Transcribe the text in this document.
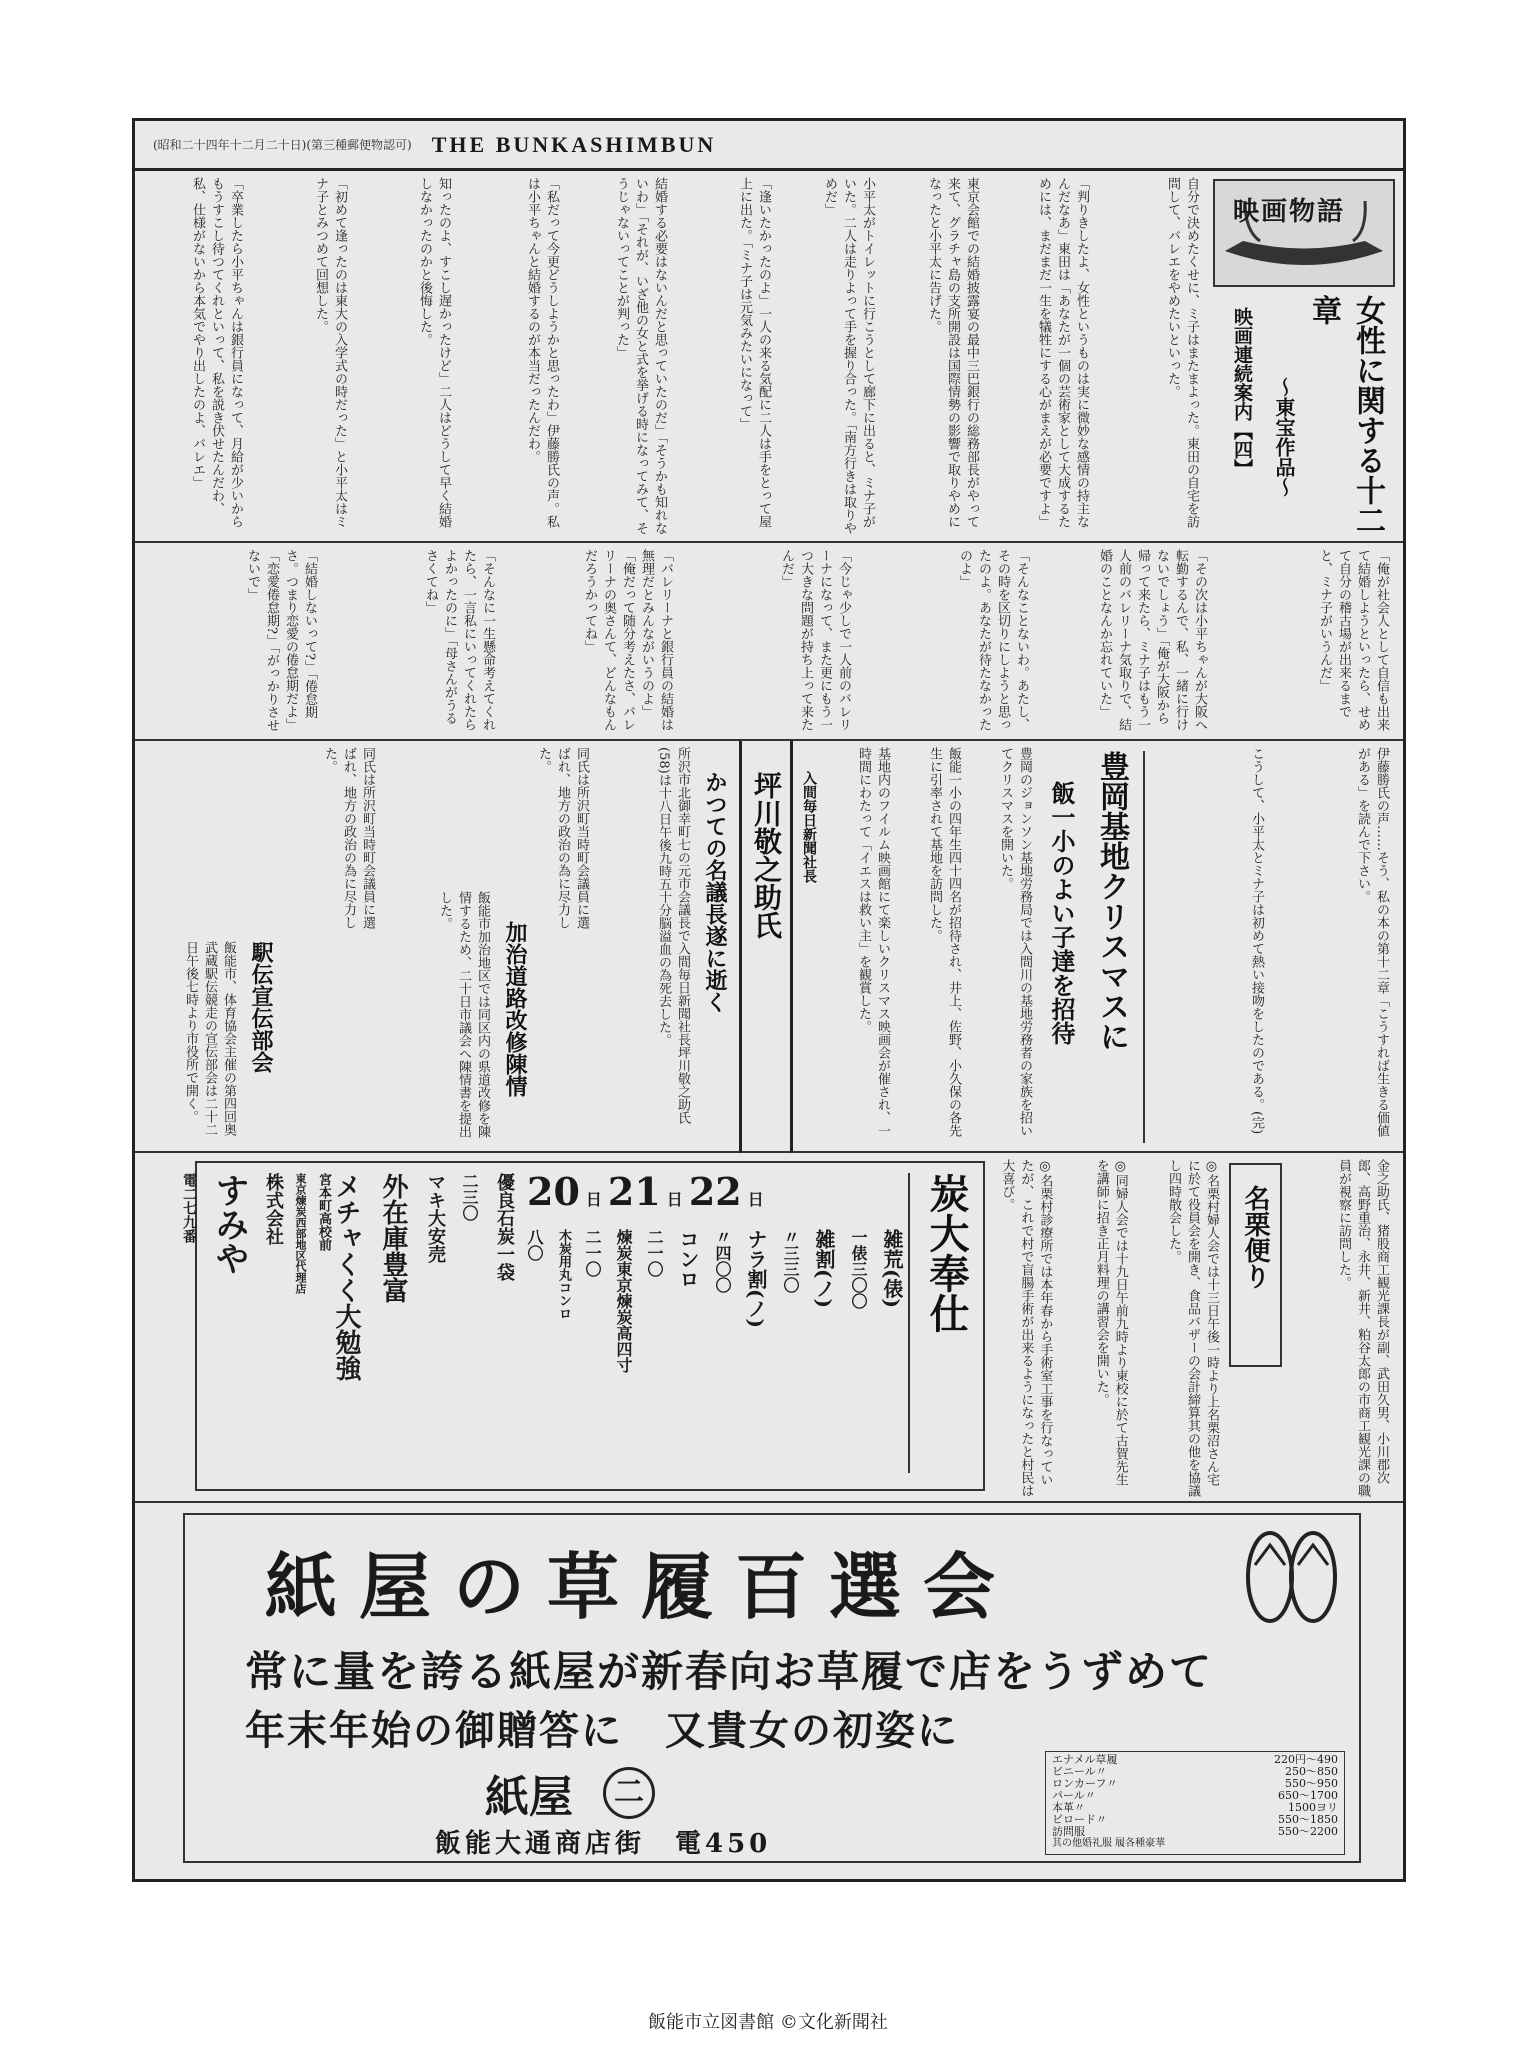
(昭和二十四年十二月二十日)(第三種郵便物認可) THE BUNKASHIMBUN
映画物語
女性に関する十二章
〜東宝作品〜
映画連続案内【四】
自分で決めたくせに、ミ子はまたまよった。東田の自宅を訪問して、バレエをやめたいといった。
「判りきしたよ、女性というものは実に微妙な感情の持主なんだなあ」東田は「あなたが一個の芸術家として大成するためには、まだまだ一生を犠牲にする心がまえが必要ですよ」
東京会館での結婚披露宴の最中三巴銀行の総務部長がやって来て、グラチャ島の支所開設は国際情勢の影響で取りやめになったと小平太に告げた。
小平太がトイレットに行こうとして廊下に出ると、ミナ子がいた。二人は走りよって手を握り合った。「南方行きは取りやめだ」
「逢いたかったのよ」一人の来る気配に二人は手をとって屋上に出た。「ミナ子は元気みたいになって」
結婚する必要はないんだと思っていたのだ」「そうかも知れないわ」「それが、いざ他の女と式を挙げる時になってみて、そうじゃないってことが判った」
「私だって今更どうしようかと思ったわ」伊藤勝氏の声。私は小平ちゃんと結婚するのが本当だったんだわ。
知ったのよ、すこし遅かったけど」二人はどうして早く結婚しなかったのかと後悔した。
「初めて逢ったのは東大の入学式の時だった」と小平太はミナ子とみつめて回想した。
「卒業したら小平ちゃんは銀行員になって、月給が少いからもうすこし待つてくれといって、私を説き伏せたんだわ、私、仕様がないから本気でやり出したのよ、バレエ」
「俺が社会人として自信も出来て結婚しようといったら、せめて自分の稽古場が出来るまでと、ミナ子がいうんだ」
「その次は小平ちゃんが大阪へ転勤するんで、私、一緒に行けないでしょう」「俺が大阪から帰って来たら、ミナ子はもう一人前のバレリーナ気取りで、結婚のことなんか忘れていた」
「そんなことないわ。あたし、その時を区切りにしようと思ったのよ。あなたが待たなかったのよ」
「今じゃ少しで一人前のバレリーナになって、また更にもう一つ大きな問題が持ち上って来たんだ」
「バレリーナと銀行員の結婚は無理だとみんながいうのよ」「俺だって随分考えたさ、バレリーナの奥さんて、どんなもんだろうかってね」
「そんなに一生懸命考えてくれたら、一言私にいってくれたらよかったのに」「母さんがうるさくてね」
「結婚しないって?」「倦怠期さ。つまり恋愛の倦怠期だよ」「恋愛倦怠期?」「がっかりさせないで」
伊藤勝氏の声……そう、私の本の第十二章「こうすれば生きる価値がある」を読んで下さい。
こうして、小平太とミナ子は初めて熱い接吻をしたのである。(完)
豊岡基地クリスマスに
飯一小のよい子達を招待
豊岡のジョンソン基地労務局では入間川の基地労務者の家族を招いてクリスマスを開いた。
飯能一小の四年生四十四名が招待され、井上、佐野、小久保の各先生に引率されて基地を訪問した。
基地内のフイルム映画館にて楽しいクリスマス映画会が催され、一時間にわたって「イエスは救い主」を観賞した。
入間毎日新聞社長
坪川敬之助氏
かつての名議長遂に逝く
所沢市北御幸町七の元市会議長で入間毎日新聞社長坪川敬之助氏(58)は十八日午後九時五十分脳溢血の為死去した。
同氏は所沢町当時町会議員に選ばれ、地方の政治の為に尽力した。
加治道路改修陳情
飯能市加治地区では同区内の県道改修を陳情するため、二十日市議会へ陳情書を提出した。
同氏は所沢町当時町会議員に選ばれ、地方の政治の為に尽力した。
駅伝宣伝部会
飯能市、体育協会主催の第四回奥武蔵駅伝競走の宣伝部会は二十二日午後七時より市役所で開く。
金之助氏、猪股商工観光課長が副、武田久男、小川郡次郎、高野重治、永井、新井、粕谷太郎の市商工観光課の職員が視察に訪問した。
名栗便り
◎名栗村婦人会では十三日午後一時より上名栗沼さん宅に於て役員会を開き、食品バザーの会計締算其の他を協議し四時散会した。
◎同婦人会では十九日午前九時より東校に於て古賀先生を講師に招き正月料理の講習会を開いた。
◎名栗村診療所では本年春から手術室工事を行なっていたが、これで村で盲腸手術が出来るようになったと村民は大喜び。
20 日 21 日 22 日	炭大奉仕
雑荒(俵)
一俵三〇〇
雑割(ノ)
〃三三〇
ナラ割(ノ)
〃四〇〇
コンロ
二一〇
煉炭東京煉炭高四寸
二一〇
木炭用丸コンロ
八〇
優良石炭一袋
二三〇
マキ大安売
外在庫豊富
メチャくく大勉強
宮本町高校前
東京煉炭西部地区代理店
株式会社
すみや
電二七九番
紙屋の草履百選会
常に量を誇る紙屋が新春向お草履で店をうずめて
年末年始の御贈答に　又貴女の初姿に
紙屋	二
飯能大通商店街　電450
エナメル草履	220円〜490
ビニール〃	250〜850
ロンカーフ〃	550〜950
パール〃	650〜1700
本革〃	1500ヨリ
ビロード〃	550〜1850
訪問服	550〜2200
其の他婚礼服 履各種豪華
飯能市立図書館 ©文化新聞社
